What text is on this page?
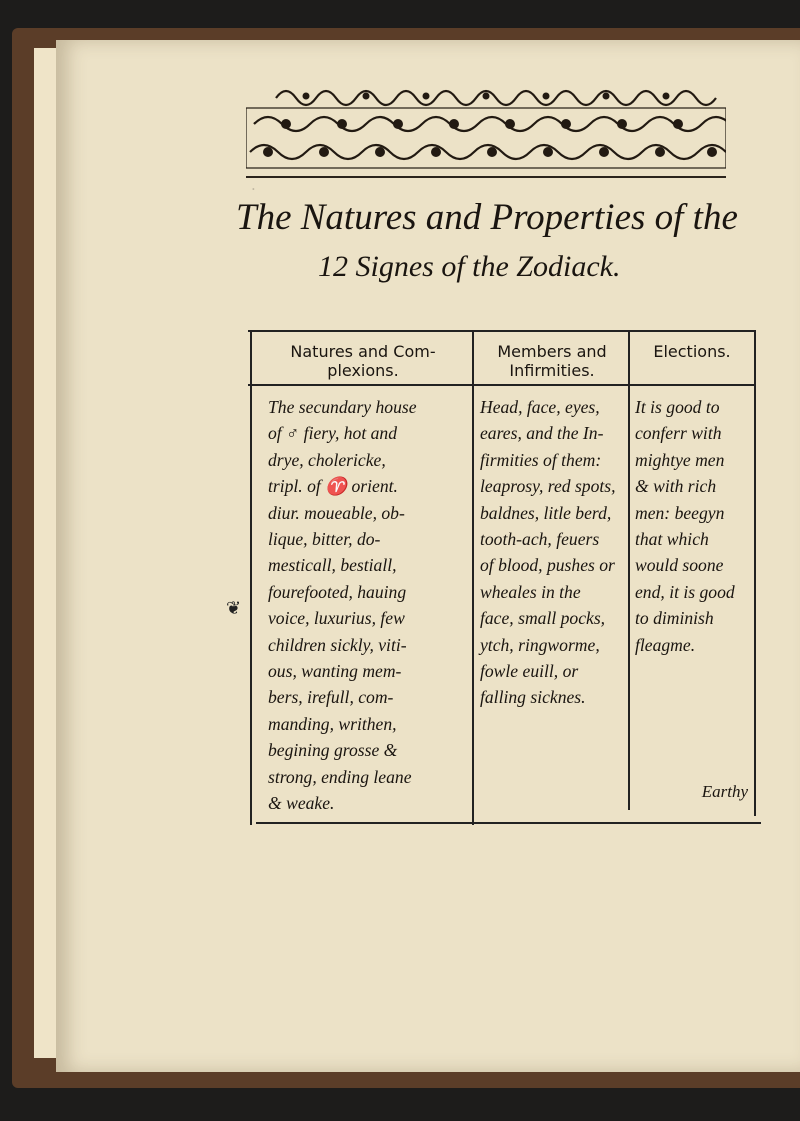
The Natures and Properties of the
12 Signes of the Zodiack.
Natures and Com-
plexions.
Members and
Infirmities.
Elections.
❦
The secundary house
of ♂ fiery, hot and
drye, cholericke,
tripl. of ♈ orient.
diur. moueable, ob-
lique, bitter, do-
mesticall, bestiall,
fourefooted, hauing
voice, luxurius, few
children sickly, viti-
ous, wanting mem-
bers, irefull, com-
manding, writhen,
begining grosse &
strong, ending leane
& weake.
Head, face, eyes,
eares, and the In-
firmities of them:
leaprosy, red spots,
baldnes, litle berd,
tooth-ach, feuers
of blood, pushes or
wheales in the
face, small pocks,
ytch, ringworme,
fowle euill, or
falling sicknes.
It is good to
conferr with
mightye men
& with rich
men: beegyn
that which
would soone
end, it is good
to diminish
fleagme.
Earthy
·
